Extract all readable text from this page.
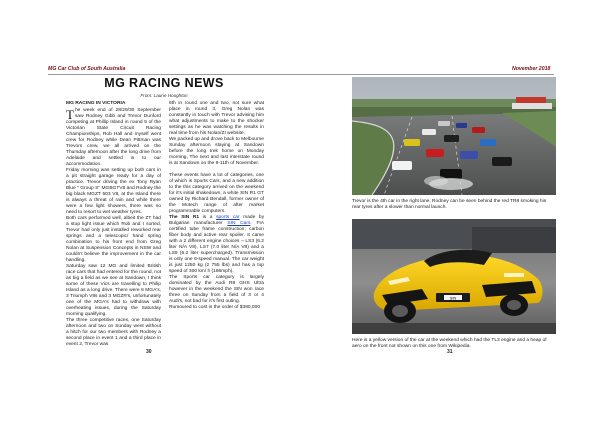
MG Car Club of South Australia	November 2018
MG RACING NEWS
From: Laurie Houghton
MG RACING IN VICTORIA

The week end of 28/29/30 September saw Rodney Gibb and Trevor Dunford competing at Phillip Island in round 5 of the Victorian State Circuit Racing Championships, Rob Hall and myself went crew for Rodney while Dean Pittman was Trevors crew, we all arrived on the Thursday afternoon after the long drive from Adelaide and settled in to our accommodation.

Friday morning was setting up both cars in a pit straight garage ready for a day of practice. Trevor driving the ex Tony Ryan Blue " Group S" MGBGTV8 and Rodney the big black MGZT 503 V8, at the Island there is always a threat of rain and while there were a few light showers, there was no need to resort to wet weather tyres.

Both cars performed well, albeit the ZT had a stop light issue which Rob and I sorted, Trevor had only just installed reworked rear springs and a telescopic/ hand spring combination to his front end from Greg Nolan at Suspension Concepts in NSW and couldn't believe the improvement in the car handling.

Saturday saw 12 MG and limited British race cars that had entered for the round, not as big a field as we see at Sandown, I think some of these Vics are travelling to Philip Island as a long drive. There were 6 MGA's, 3 Triumph V8s and 3 MGZR's, unfortunately one of the MGA's had to withdraw with overheating issues, during the Saturday morning qualifying.

The three competitive races, one Saturday afternoon and two on Sunday went without a hitch for our two members with Rodney a second place in event 1 and a third place in event 2, Trevor was

6th in round one and two, not sure what place in round 3, Greg Nolan was constantly in touch with Trevor advising him what adjustments to make to the shocker settings as he was watching the results in real time from his Nolan/ZI website.

We packed up and drove back to Melbourne Sunday afternoon staying at Sandown before the long trek home on Monday morning, The next and last interstate round is at Sandown on the 9-11th of November.

These events have a lot of categories, one of which is Sports Cars, and a new addition to the this category arrived on the weekend for it's initial shakedown, a white SIN R1 GT owned by Richard Bendall, former owner of the Motech range of after market programmable computers.

The SIN R1 is a sports car made by Bulgarian manufacturer SIN Cars. FIA certified tube frame construction; carbon fiber body and active rear spoiler. It came with a 2 different engine choices – LS3 (6.2 liter N/A V8), LS7 (7.0 liter N/A V8) and a LS9 (6.2 liter supercharged). Transmission is only one 6-speed manual. The car weight is just 1250 kg (2 755 lbs) and has a top speed of 300 km/ h (186mph).

The Sports car category is largely dominated by the Audi R8 GHS Ultra however in the weekend the SIN won race three on Sunday from a field of 3 or 4 Audi's, not bad for it's first outing.

Rumoured to cost in the order of $380,000

30	31
Trevor is the 4th car in the right lane, Rodney can be seen behind the red TR8 smoking his rear tyres after a slower than normal launch.
SIN
Here is a yellow version of the car at the weekend which had the TL3 engine and a heap of aero on the front not shown on this one from Wikipedia.
